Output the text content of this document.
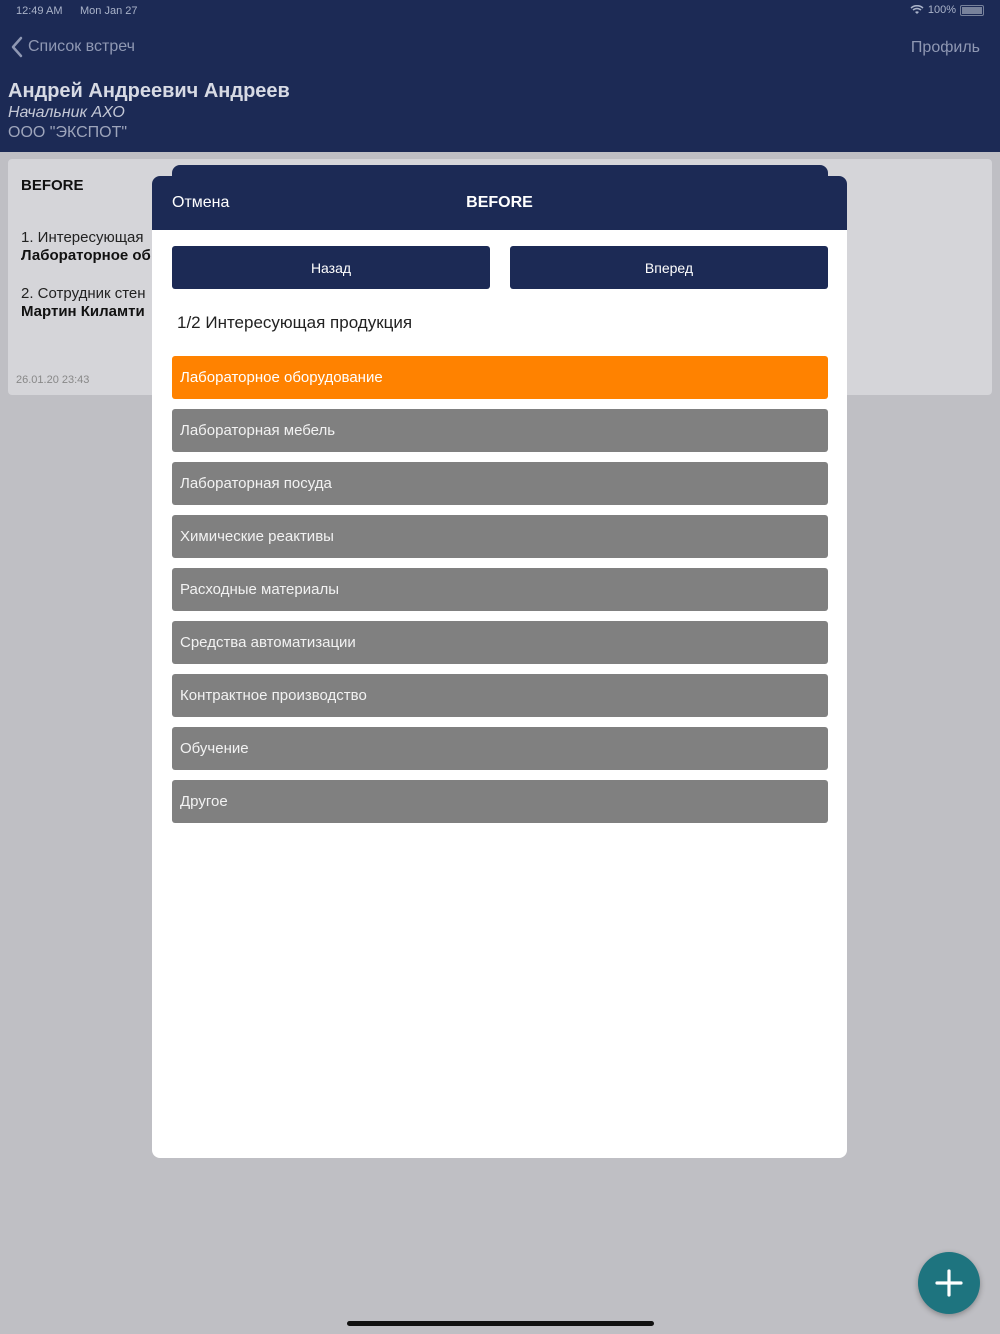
12:49 AM Mon Jan 27	100%
Список встреч	Профиль
Андрей Андреевич Андреев
Начальник АХО
ООО "ЭКСПОТ"
BEFORE
1. Интересующая
Лабораторное об
2. Сотрудник стен
Мартин Киламти
26.01.20 23:43
Отмена	BEFORE
Назад	Вперед
1/2 Интересующая продукция
Лабораторное оборудование
Лабораторная мебель
Лабораторная посуда
Химические реактивы
Расходные материалы
Средства автоматизации
Контрактное производство
Обучение
Другое
